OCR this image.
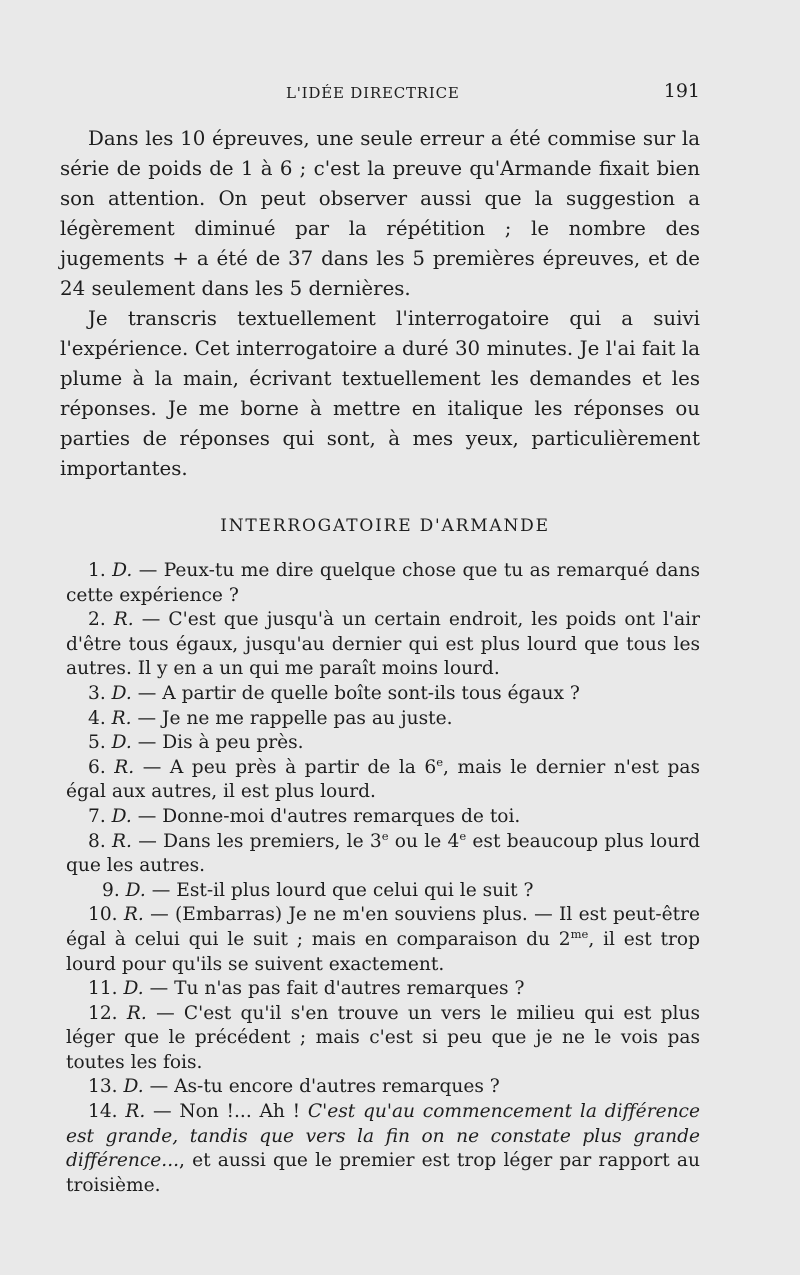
L'IDÉE DIRECTRICE	191

Dans les 10 épreuves, une seule erreur a été commise sur la série de poids de 1 à 6 ; c'est la preuve qu'Armande fixait bien son attention. On peut observer aussi que la suggestion a légèrement diminué par la répétition ; le nombre des jugements + a été de 37 dans les 5 premières épreuves, et de 24 seulement dans les 5 dernières.

Je transcris textuellement l'interrogatoire qui a suivi l'expérience. Cet interrogatoire a duré 30 minutes. Je l'ai fait la plume à la main, écrivant textuellement les demandes et les réponses. Je me borne à mettre en italique les réponses ou parties de réponses qui sont, à mes yeux, particulièrement importantes.

INTERROGATOIRE D'ARMANDE

1. D. — Peux-tu me dire quelque chose que tu as remarqué dans cette expérience ?

2. R. — C'est que jusqu'à un certain endroit, les poids ont l'air d'être tous égaux, jusqu'au dernier qui est plus lourd que tous les autres. Il y en a un qui me paraît moins lourd.

3. D. — A partir de quelle boîte sont-ils tous égaux ?

4. R. — Je ne me rappelle pas au juste.

5. D. — Dis à peu près.

6. R. — A peu près à partir de la 6e, mais le dernier n'est pas égal aux autres, il est plus lourd.

7. D. — Donne-moi d'autres remarques de toi.

8. R. — Dans les premiers, le 3e ou le 4e est beaucoup plus lourd que les autres.

9. D. — Est-il plus lourd que celui qui le suit ?

10. R. — (Embarras) Je ne m'en souviens plus. — Il est peut-être égal à celui qui le suit ; mais en comparaison du $2^{me}$, il est trop lourd pour qu'ils se suivent exactement.

11. D. — Tu n'as pas fait d'autres remarques ?

12. R. — C'est qu'il s'en trouve un vers le milieu qui est plus léger que le précédent ; mais c'est si peu que je ne le vois pas toutes les fois.

13. D. — As-tu encore d'autres remarques ?

14. R. — Non !... Ah ! C'est qu'au commencement la différence est grande, tandis que vers la fin on ne constate plus grande différence..., et aussi que le premier est trop léger par rapport au troisième.
